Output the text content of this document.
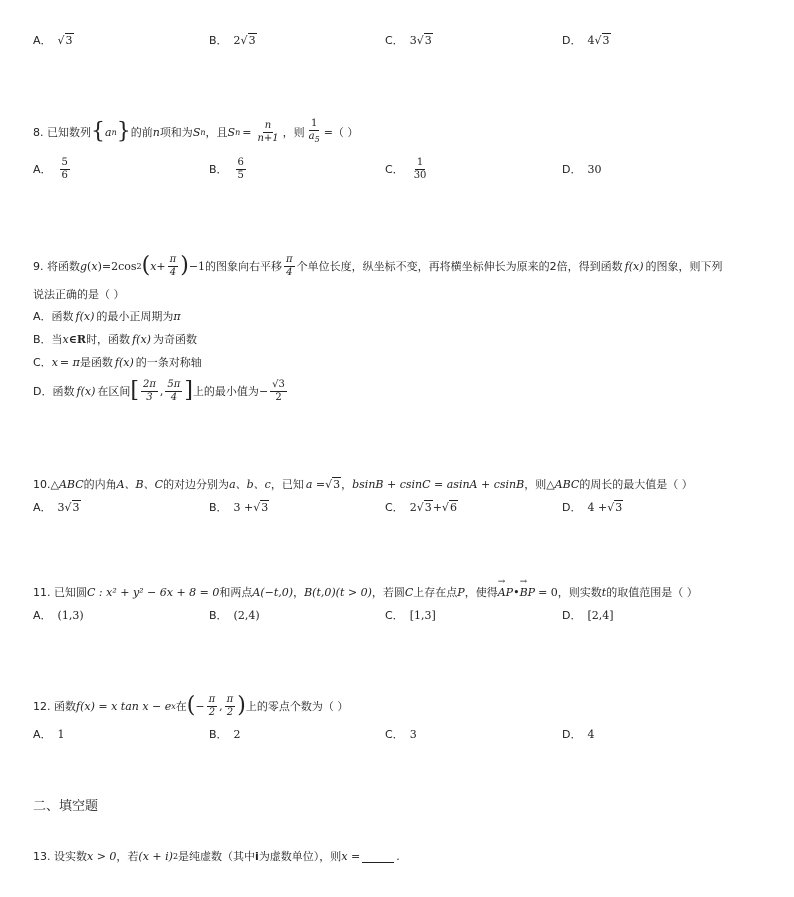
A． √3	B． 2 √3	C． 3 √3	D． 4 √3
8. 已知数列 { a n } 的前 n 项和为 S n ，且 S $n = \frac{n}{n+1}$ ，则 $\frac{1}{a_5}$ =（ ）
A． $\frac{5}{6}$	B． $\frac{6}{5}$	C． $\frac{1}{30}$	D． 30
9. 将函数 g ( x ) =2cos 2 ( $x + \frac{\pi}{4}$ ) −1 的图象向右平移 $\frac{\pi}{4}$ 个单位长度，纵坐标不变，再将横坐标伸长为原来的2倍，得到函数 f(x) 的图象，则下列
说法正确的是（ ）
A．函数 f(x) 的最小正周期为 π
B．当 x ∈R 时，函数 f(x) 为奇函数
C． x = π 是函数 f(x) 的一条对称轴
D．函数 f(x) 在区间 [ $\frac{2\pi}{3}$ , $\frac{5\pi}{4}$ ] 上的最小值为 − $\frac{√3}{2}$
10. △ABC 的内角 A、B、C 的对边分别为 a、b、c ，已知 a = √3 ， bsinB + csinC = asinA + csinB ，则 △ABC 的周长的最大值是（ ）
A． 3 √3	B． 3 + √3	C． 2 √3 + √6	D． 4 + √3
11. 已知圆 C : x² + y² − 6x + 8 = 0 和两点 A(−t,0) ， B(t,0)(t > 0) ，若圆 C 上存在点 P ，使得 → AP • → BP = 0 ，则实数 t 的取值范围是（ ）
A． (1,3)	B． (2,4)	C． [1,3]	D． [2,4]
12. 函数 f(x) = x tan x − e x 在 ( − $\frac{\pi}{2}$ , $\frac{\pi}{2}$ ) 上的零点个数为（ ）
A． 1	B． 2	C． 3	D． 4
二、填空题
13. 设实数 x > 0 ，若 (x + i) 2 是纯虚数（其中 i 为虚数单位），则 x =	.
